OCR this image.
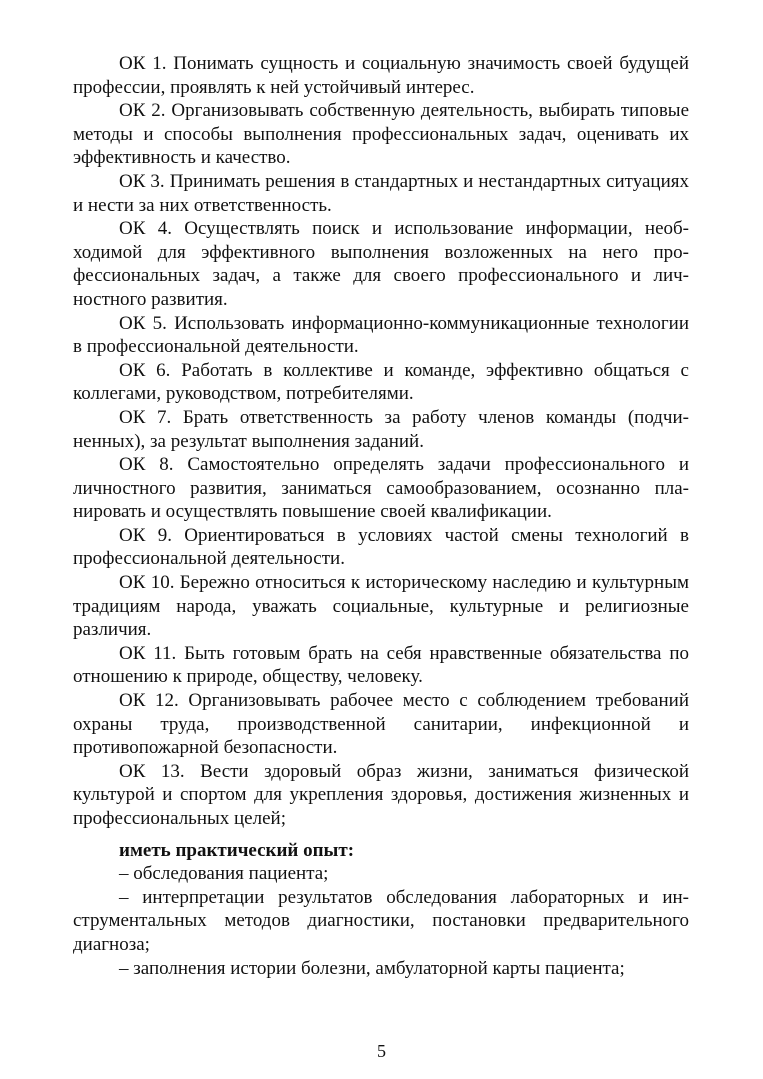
ОК 1. Понимать сущность и социальную значимость своей будущей профессии, проявлять к ней устойчивый интерес.

ОК 2. Организовывать собственную деятельность, выбирать типовые методы и способы выполнения профессиональных задач, оценивать их эффективность и качество.

ОК 3. Принимать решения в стандартных и нестандартных ситуациях и нести за них ответственность.

ОК 4. Осуществлять поиск и использование информации, необходимой для эффективного выполнения возложенных на него профессиональных задач, а также для своего профессионального и личностного развития.

ОК 5. Использовать информационно-коммуникационные технологии в профессиональной деятельности.

ОК 6. Работать в коллективе и команде, эффективно общаться с коллегами, руководством, потребителями.

ОК 7. Брать ответственность за работу членов команды (подчиненных), за результат выполнения заданий.

ОК 8. Самостоятельно определять задачи профессионального и личностного развития, заниматься самообразованием, осознанно планировать и осуществлять повышение своей квалификации.

ОК 9. Ориентироваться в условиях частой смены технологий в профессиональной деятельности.

ОК 10. Бережно относиться к историческому наследию и культурным традициям народа, уважать социальные, культурные и религиозные различия.

ОК 11. Быть готовым брать на себя нравственные обязательства по отношению к природе, обществу, человеку.

ОК 12. Организовывать рабочее место с соблюдением требований охраны труда, производственной санитарии, инфекционной и противопожарной безопасности.

ОК 13. Вести здоровый образ жизни, заниматься физической культурой и спортом для укрепления здоровья, достижения жизненных и профессиональных целей;

иметь практический опыт:

– обследования пациента;

– интерпретации результатов обследования лабораторных и инструментальных методов диагностики, постановки предварительного диагноза;

– заполнения истории болезни, амбулаторной карты пациента;

5
